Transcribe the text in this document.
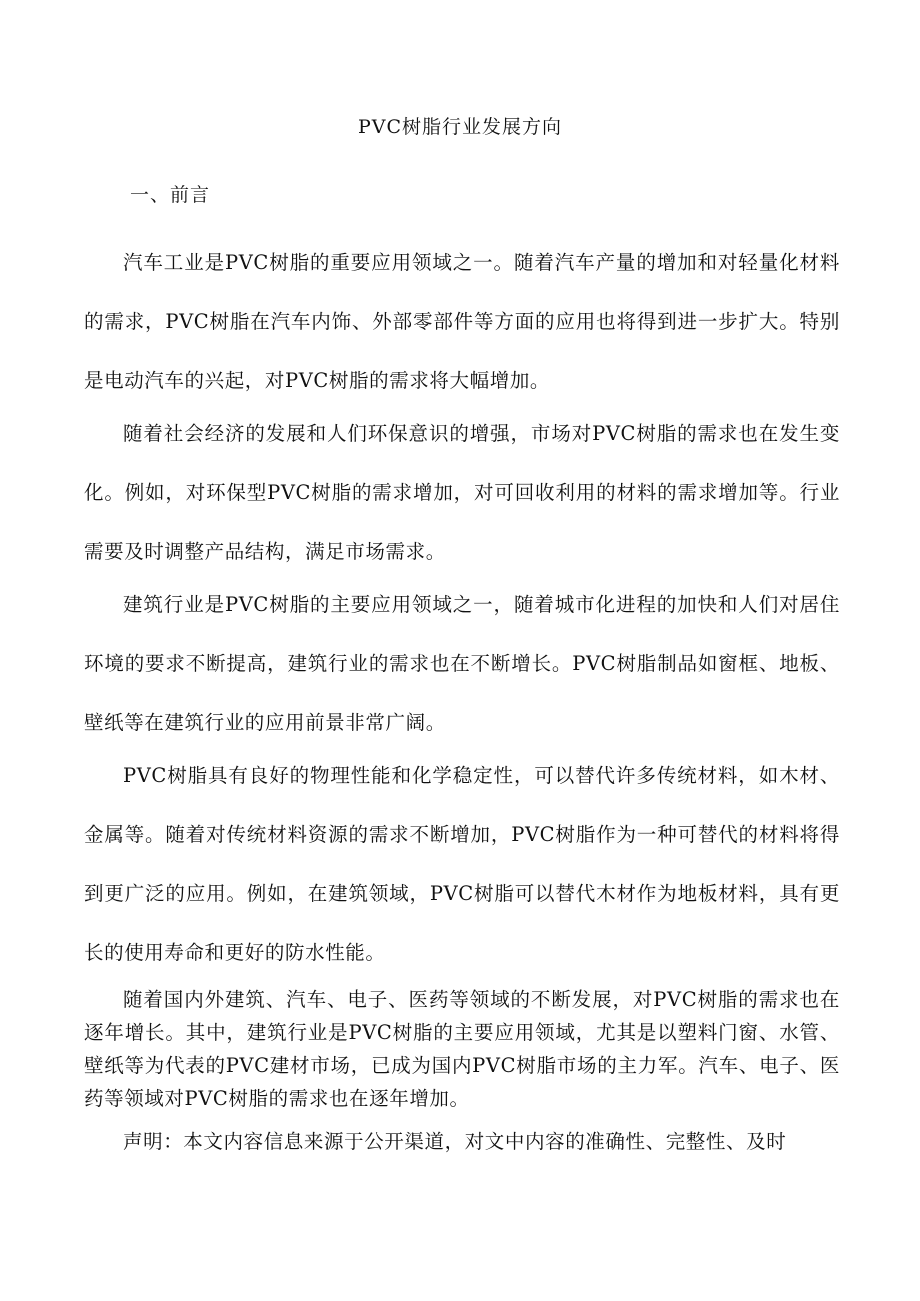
PVC树脂行业发展方向
一、前言

汽车工业是PVC树脂的重要应用领域之一。随着汽车产量的增加和对轻量化材料的需求，PVC树脂在汽车内饰、外部零部件等方面的应用也将得到进一步扩大。特别是电动汽车的兴起，对PVC树脂的需求将大幅增加。

随着社会经济的发展和人们环保意识的增强，市场对PVC树脂的需求也在发生变化。例如，对环保型PVC树脂的需求增加，对可回收利用的材料的需求增加等。行业需要及时调整产品结构，满足市场需求。

建筑行业是PVC树脂的主要应用领域之一，随着城市化进程的加快和人们对居住环境的要求不断提高，建筑行业的需求也在不断增长。PVC树脂制品如窗框、地板、壁纸等在建筑行业的应用前景非常广阔。

PVC树脂具有良好的物理性能和化学稳定性，可以替代许多传统材料，如木材、金属等。随着对传统材料资源的需求不断增加，PVC树脂作为一种可替代的材料将得到更广泛的应用。例如，在建筑领域，PVC树脂可以替代木材作为地板材料，具有更长的使用寿命和更好的防水性能。

随着国内外建筑、汽车、电子、医药等领域的不断发展，对PVC树脂的需求也在逐年增长。其中，建筑行业是PVC树脂的主要应用领域，尤其是以塑料门窗、水管、壁纸等为代表的PVC建材市场，已成为国内PVC树脂市场的主力军。汽车、电子、医药等领域对PVC树脂的需求也在逐年增加。

声明：本文内容信息来源于公开渠道，对文中内容的准确性、完整性、及时
